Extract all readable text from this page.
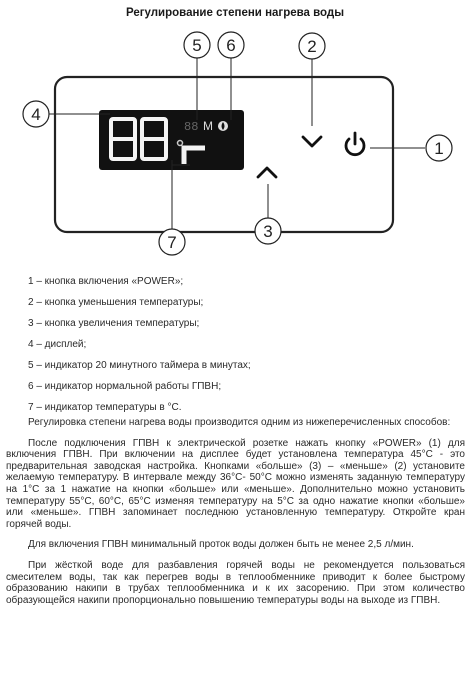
Регулирование степени нагрева воды
88
88 M
1
2
3
4
5 6
7
1 – кнопка включения «POWER»;
2 – кнопка уменьшения температуры;
3 – кнопка увеличения температуры;
4 – дисплей;
5 – индикатор 20 минутного таймера в минутах;
6 – индикатор нормальной работы ГПВН;
7 – индикатор температуры в °С.

Регулировка степени нагрева воды производится одним из нижеперечисленных способов:

После подключения ГПВН к электрической розетке нажать кнопку «POWER» (1) для включения ГПВН. При включении на дисплее будет установлена температура 45°С - это предварительная заводская настройка. Кнопками «больше» (3) – «меньше» (2) установите желаемую температуру. В интервале между 36°С- 50°С можно изменять заданную температуру на 1°С за 1 нажатие на кнопки «больше» или «меньше». Дополнительно можно установить температуру 55°С, 60°С, 65°С изменяя температуру на 5°С за одно нажатие кнопки «больше» или «меньше». ГПВН запоминает последнюю установленную температуру. Откройте кран горячей воды.

Для включения ГПВН минимальный проток воды должен быть не менее 2,5 л/мин.

При жёсткой воде для разбавления горячей воды не рекомендуется пользоваться смесителем воды, так как перегрев воды в теплообменнике приводит к более быстрому образованию накипи в трубах теплообменника и к их засорению. При этом количество образующейся накипи пропорционально повышению температуры воды на выходе из ГПВН.
